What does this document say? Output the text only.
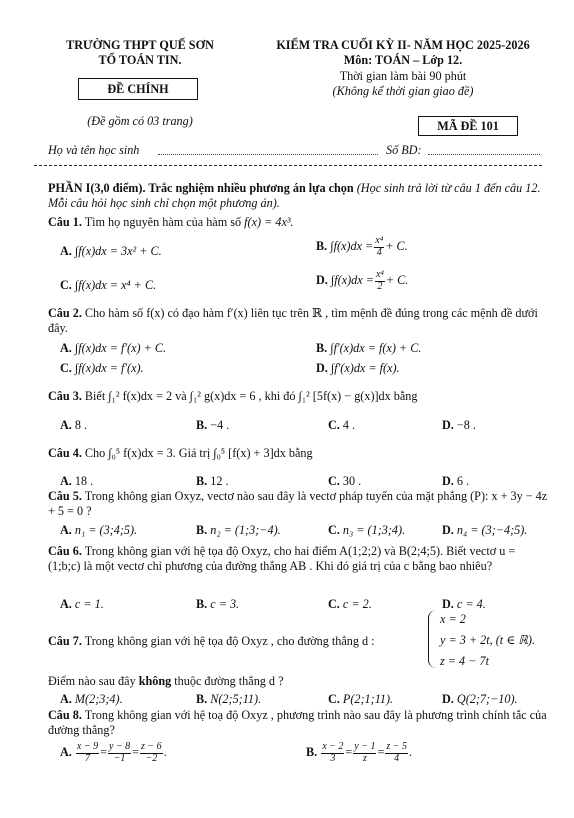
TRƯỜNG THPT QUẾ SƠN
TỔ TOÁN TIN.
ĐỀ CHÍNH
(Đề gồm có 03 trang)
KIỂM TRA CUỐI KỲ II- NĂM HỌC 2025-2026
Môn: TOÁN – Lớp 12.
Thời gian làm bài 90 phút
(Không kể thời gian giao đề)
MÃ ĐỀ 101
Họ và tên học sinh	Số BD:
PHẦN I(3,0 điểm). Trắc nghiệm nhiều phương án lựa chọn (Học sinh trả lời từ câu 1 đến câu 12. Mỗi câu hỏi học sinh chỉ chọn một phương án).
Câu 1. Tìm họ nguyên hàm của hàm số f(x) = 4x³.
A. ∫f(x)dx = 3x² + C.	B. $\int f(x)dx = \frac{\text{x⁴}}{4} + C$.
C. ∫f(x)dx = x⁴ + C.	D. $\int f(x)dx = \frac{\text{x⁴}}{2} + C$.
Câu 2. Cho hàm số f(x) có đạo hàm f′(x) liên tục trên ℝ , tìm mệnh đề đúng trong các mệnh đề dưới đây.
A. ∫f(x)dx = f′(x) + C.	B. ∫f′(x)dx = f(x) + C.
C. ∫f(x)dx = f′(x).	D. ∫f′(x)dx = f(x).
Câu 3. Biết ∫₁² f(x)dx = 2 và ∫₁² g(x)dx = 6 , khi đó ∫₁² [5f(x) − g(x)]dx bằng
A. 8 .	B. −4 .	C. 4 .	D. −8 .
Câu 4. Cho ∫₀⁵ f(x)dx = 3. Giá trị ∫₀⁵ [f(x) + 3]dx bằng
A. 18 .	B. 12 .	C. 30 .	D. 6 .
Câu 5. Trong không gian Oxyz, vectơ nào sau đây là vectơ pháp tuyến của mặt phẳng (P): x + 3y − 4z + 5 = 0 ?
A. n₁ = (3;4;5).	B. n₂ = (1;3;−4).	C. n₃ = (1;3;4).	D. n₄ = (3;−4;5).
Câu 6. Trong không gian với hệ tọa độ Oxyz, cho hai điểm A(1;2;2) và B(2;4;5). Biết vectơ u = (1;b;c) là một vectơ chỉ phương của đường thẳng AB . Khi đó giá trị của c bằng bao nhiêu?
A. c = 1.	B. c = 3.	C. c = 2.	D. c = 4.
Câu 7. Trong không gian với hệ tọa độ Oxyz , cho đường thẳng d :
x = 2
y = 3 + 2t, (t ∈ ℝ).
z = 4 − 7t
Điểm nào sau đây không thuộc đường thẳng d ?
A. M(2;3;4).	B. N(2;5;11).	C. P(2;1;11).	D. Q(2;7;−10).
Câu 8. Trong không gian với hệ toạ độ Oxyz , phương trình nào sau đây là phương trình chính tắc của đường thẳng?
A. $\frac{x - 9}{7} = \frac{y - 8}{-1} = \frac{z - 6}{-2}$ .	B. $\frac{x - 2}{3} = \frac{y - 1}{z} = \frac{z - 5}{4}$ .
